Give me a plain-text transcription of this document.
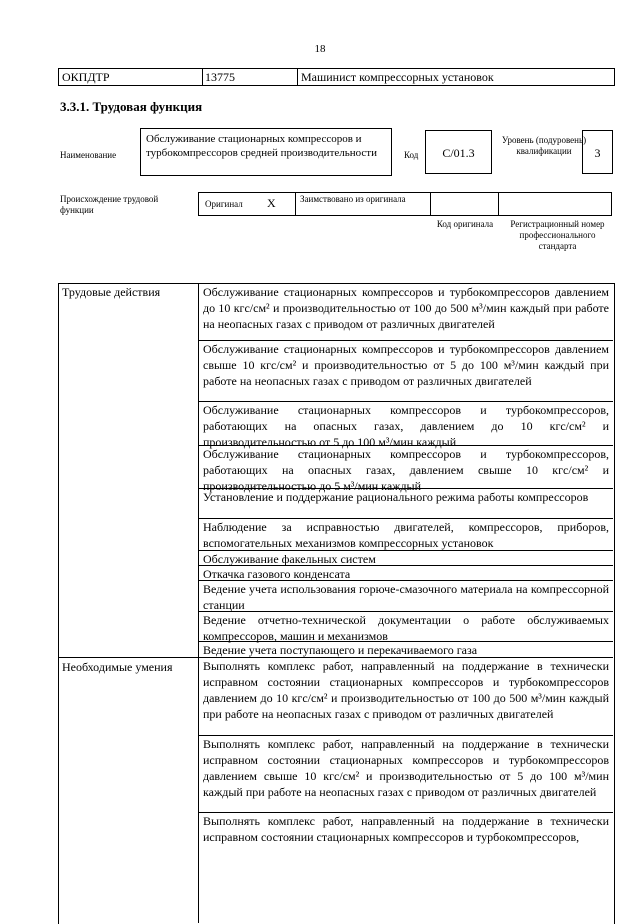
18
ОКПДТР	13775	Машинист компрессорных установок
3.3.1. Трудовая функция
Наименование
Обслуживание стационарных компрессоров и турбокомпрессоров средней производительности	Код	C/01.3
Уровень (подуровень) квалификации	3
Происхождение трудовой функции
Оригинал X	Заимствовано из оригинала
Код оригинала	Регистрационный номер профессионального стандарта
Трудовые действия	Обслуживание стационарных компрессоров и турбокомпрессоров давлением до 10 кгс/см² и производительностью от 100 до 500 м³/мин каждый при работе на неопасных газах с приводом от различных двигателей
Обслуживание стационарных компрессоров и турбокомпрессоров давлением свыше 10 кгс/см² и производительностью от 5 до 100 м³/мин каждый при работе на неопасных газах с приводом от различных двигателей
Обслуживание стационарных компрессоров и турбокомпрессоров, работающих на опасных газах, давлением до 10 кгс/см² и производительностью от 5 до 100 м³/мин каждый
Обслуживание стационарных компрессоров и турбокомпрессоров, работающих на опасных газах, давлением свыше 10 кгс/см² и производительностью до 5 м³/мин каждый
Установление и поддержание рационального режима работы компрессоров
Наблюдение за исправностью двигателей, компрессоров, приборов, вспомогательных механизмов компрессорных установок
Обслуживание факельных систем
Откачка газового конденсата
Ведение учета использования горюче-смазочного материала на компрессорной станции
Ведение отчетно-технической документации о работе обслуживаемых компрессоров, машин и механизмов
Ведение учета поступающего и перекачиваемого газа
Необходимые умения	Выполнять комплекс работ, направленный на поддержание в технически исправном состоянии стационарных компрессоров и турбокомпрессоров давлением до 10 кгс/см² и производительностью от 100 до 500 м³/мин каждый при работе на неопасных газах с приводом от различных двигателей
Выполнять комплекс работ, направленный на поддержание в технически исправном состоянии стационарных компрессоров и турбокомпрессоров давлением свыше 10 кгс/см² и производительностью от 5 до 100 м³/мин каждый при работе на неопасных газах с приводом от различных двигателей
Выполнять комплекс работ, направленный на поддержание в технически исправном состоянии стационарных компрессоров и турбокомпрессоров,
